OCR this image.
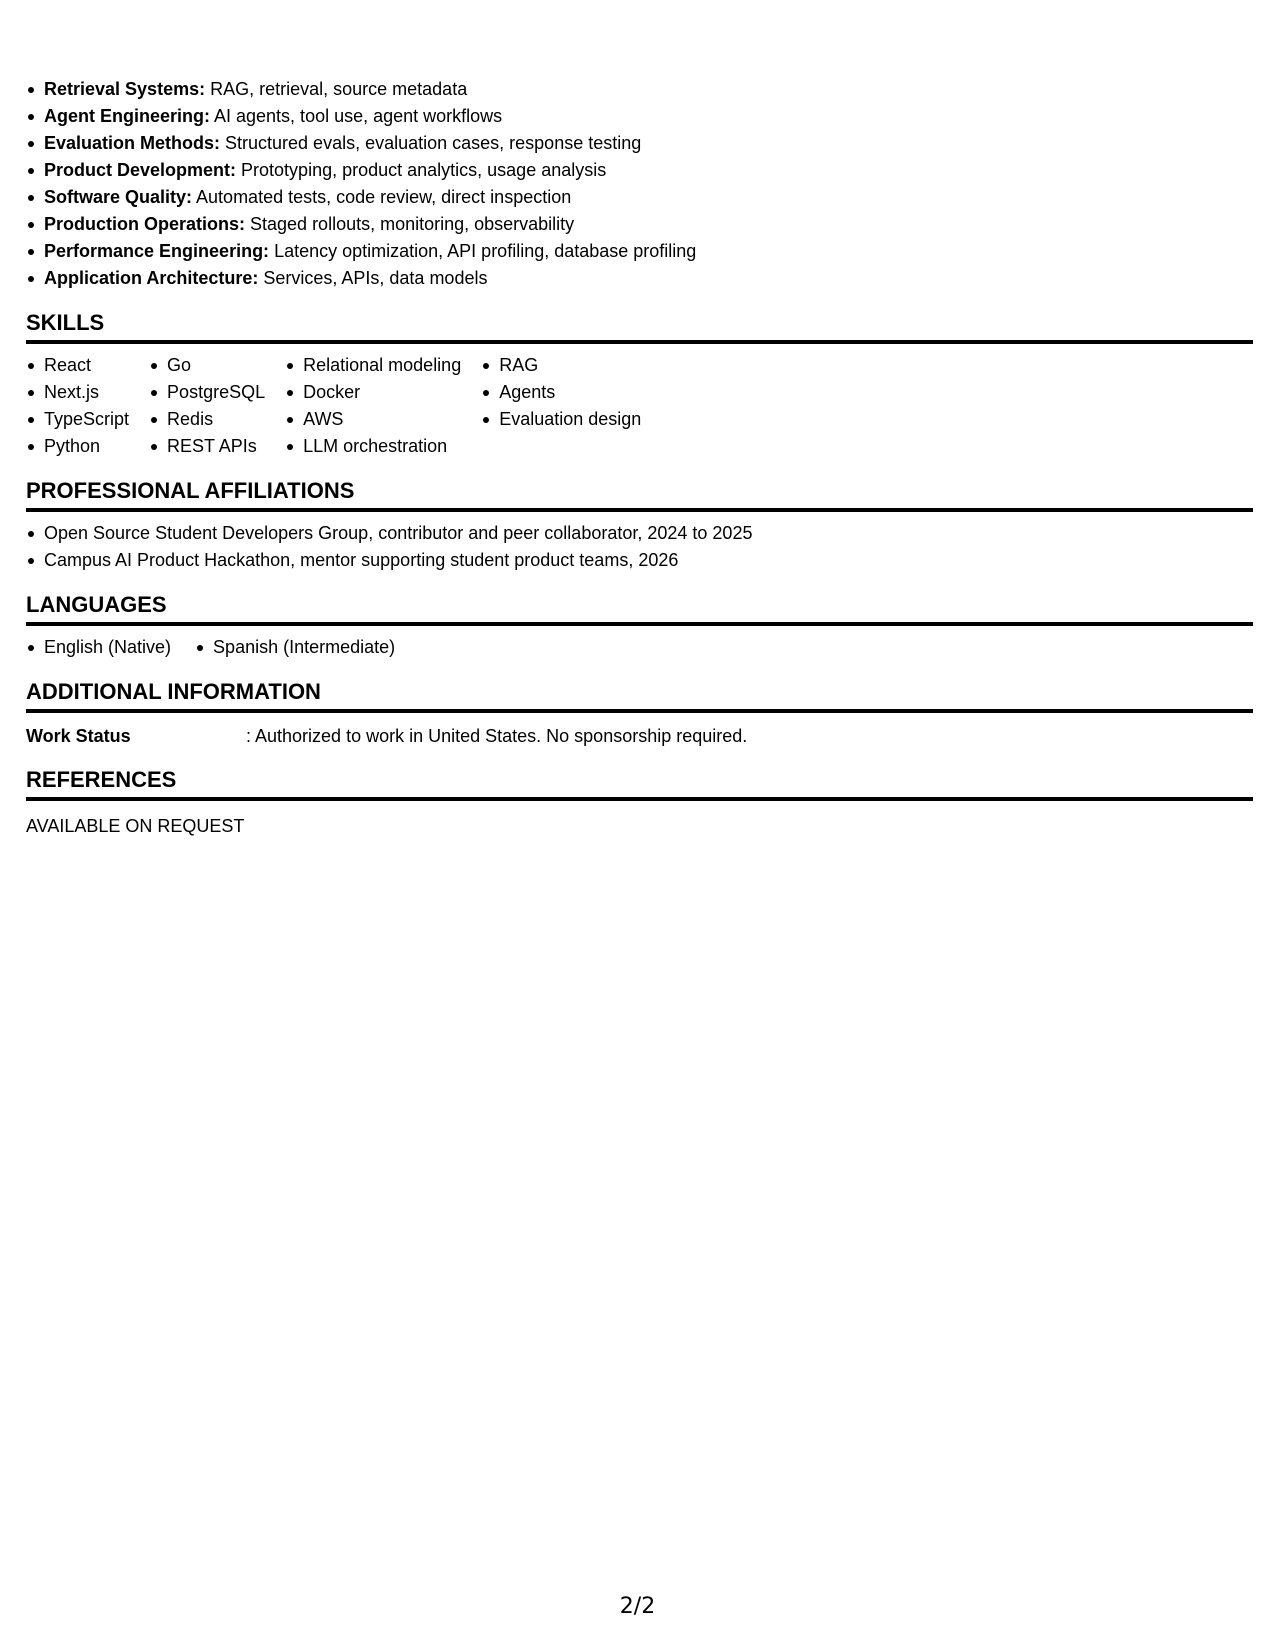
Retrieval Systems: RAG, retrieval, source metadata
Agent Engineering: AI agents, tool use, agent workflows
Evaluation Methods: Structured evals, evaluation cases, response testing
Product Development: Prototyping, product analytics, usage analysis
Software Quality: Automated tests, code review, direct inspection
Production Operations: Staged rollouts, monitoring, observability
Performance Engineering: Latency optimization, API profiling, database profiling
Application Architecture: Services, APIs, data models
SKILLS
React
Next.js
TypeScript
Python
Go
PostgreSQL
Redis
REST APIs
Relational modeling
Docker
AWS
LLM orchestration
RAG
Agents
Evaluation design
PROFESSIONAL AFFILIATIONS
Open Source Student Developers Group, contributor and peer collaborator, 2024 to 2025
Campus AI Product Hackathon, mentor supporting student product teams, 2026
LANGUAGES
English (Native)	Spanish (Intermediate)
ADDITIONAL INFORMATION
Work Status	: Authorized to work in United States. No sponsorship required.
REFERENCES
AVAILABLE ON REQUEST
2/2
